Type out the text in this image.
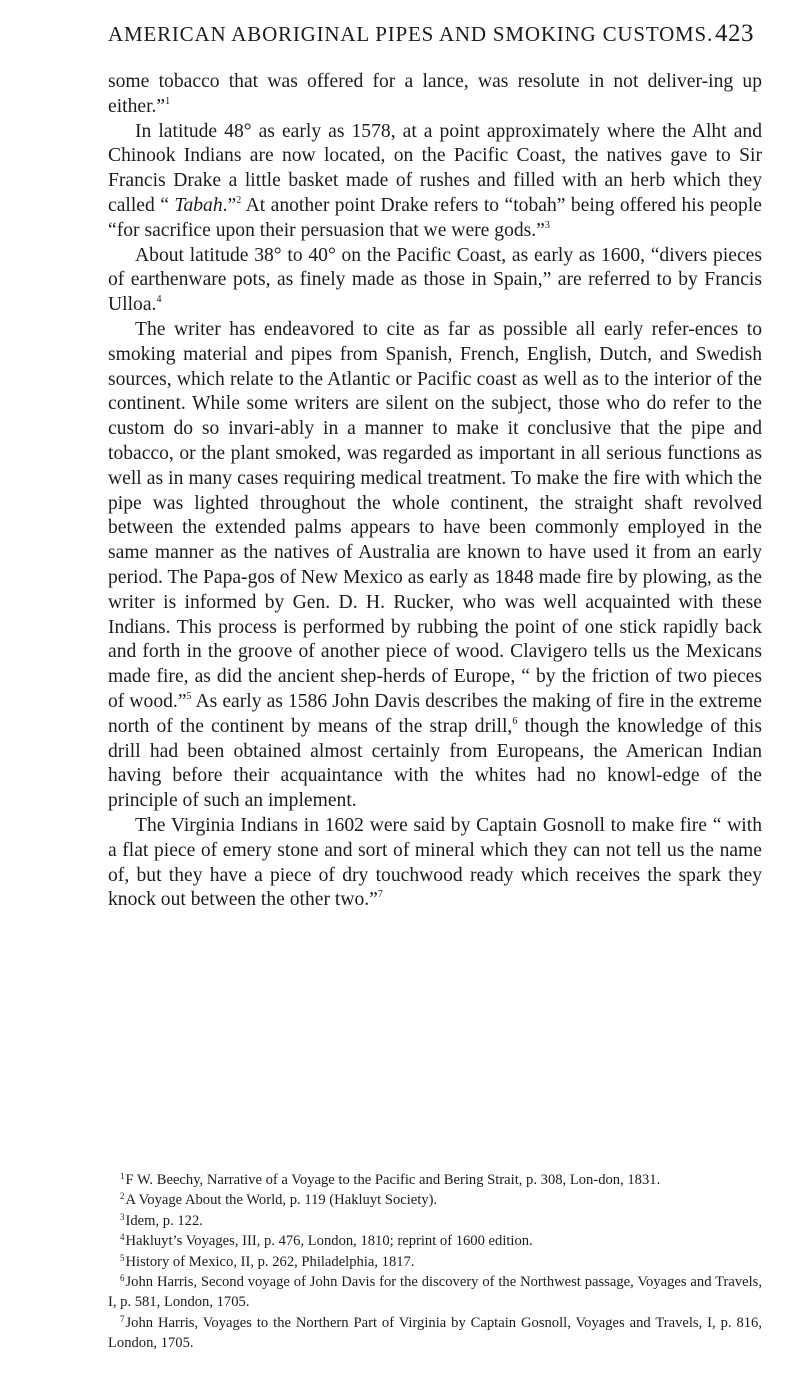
AMERICAN ABORIGINAL PIPES AND SMOKING CUSTOMS. 423

some tobacco that was offered for a lance, was resolute in not deliver-ing up either.”$^1$

In latitude 48° as early as 1578, at a point approximately where the Alht and Chinook Indians are now located, on the Pacific Coast, the natives gave to Sir Francis Drake a little basket made of rushes and filled with an herb which they called “ Tabah.”$^2$ At another point Drake refers to “tobah” being offered his people “for sacrifice upon their persuasion that we were gods.”$^3$

About latitude 38° to 40° on the Pacific Coast, as early as 1600, “divers pieces of earthenware pots, as finely made as those in Spain,” are referred to by Francis Ulloa.$^4$

The writer has endeavored to cite as far as possible all early refer-ences to smoking material and pipes from Spanish, French, English, Dutch, and Swedish sources, which relate to the Atlantic or Pacific coast as well as to the interior of the continent. While some writers are silent on the subject, those who do refer to the custom do so invari-ably in a manner to make it conclusive that the pipe and tobacco, or the plant smoked, was regarded as important in all serious functions as well as in many cases requiring medical treatment. To make the fire with which the pipe was lighted throughout the whole continent, the straight shaft revolved between the extended palms appears to have been commonly employed in the same manner as the natives of Australia are known to have used it from an early period. The Papa-gos of New Mexico as early as 1848 made fire by plowing, as the writer is informed by Gen. D. H. Rucker, who was well acquainted with these Indians. This process is performed by rubbing the point of one stick rapidly back and forth in the groove of another piece of wood. Clavigero tells us the Mexicans made fire, as did the ancient shep-herds of Europe, “ by the friction of two pieces of wood.”$^5$ As early as 1586 John Davis describes the making of fire in the extreme north of the continent by means of the strap drill,$^6$ though the knowledge of this drill had been obtained almost certainly from Europeans, the American Indian having before their acquaintance with the whites had no knowl-edge of the principle of such an implement.

The Virginia Indians in 1602 were said by Captain Gosnoll to make fire “ with a flat piece of emery stone and sort of mineral which they can not tell us the name of, but they have a piece of dry touchwood ready which receives the spark they knock out between the other two.”$^7$

$^1$F W. Beechy, Narrative of a Voyage to the Pacific and Bering Strait, p. 308, Lon-don, 1831.

$^2$A Voyage About the World, p. 119 (Hakluyt Society).

$^3$Idem, p. 122.

$^4$Hakluyt’s Voyages, III, p. 476, London, 1810; reprint of 1600 edition.

$^5$History of Mexico, II, p. 262, Philadelphia, 1817.

$^6$John Harris, Second voyage of John Davis for the discovery of the Northwest passage, Voyages and Travels, I, p. 581, London, 1705.

$^7$John Harris, Voyages to the Northern Part of Virginia by Captain Gosnoll, Voyages and Travels, I, p. 816, London, 1705.
